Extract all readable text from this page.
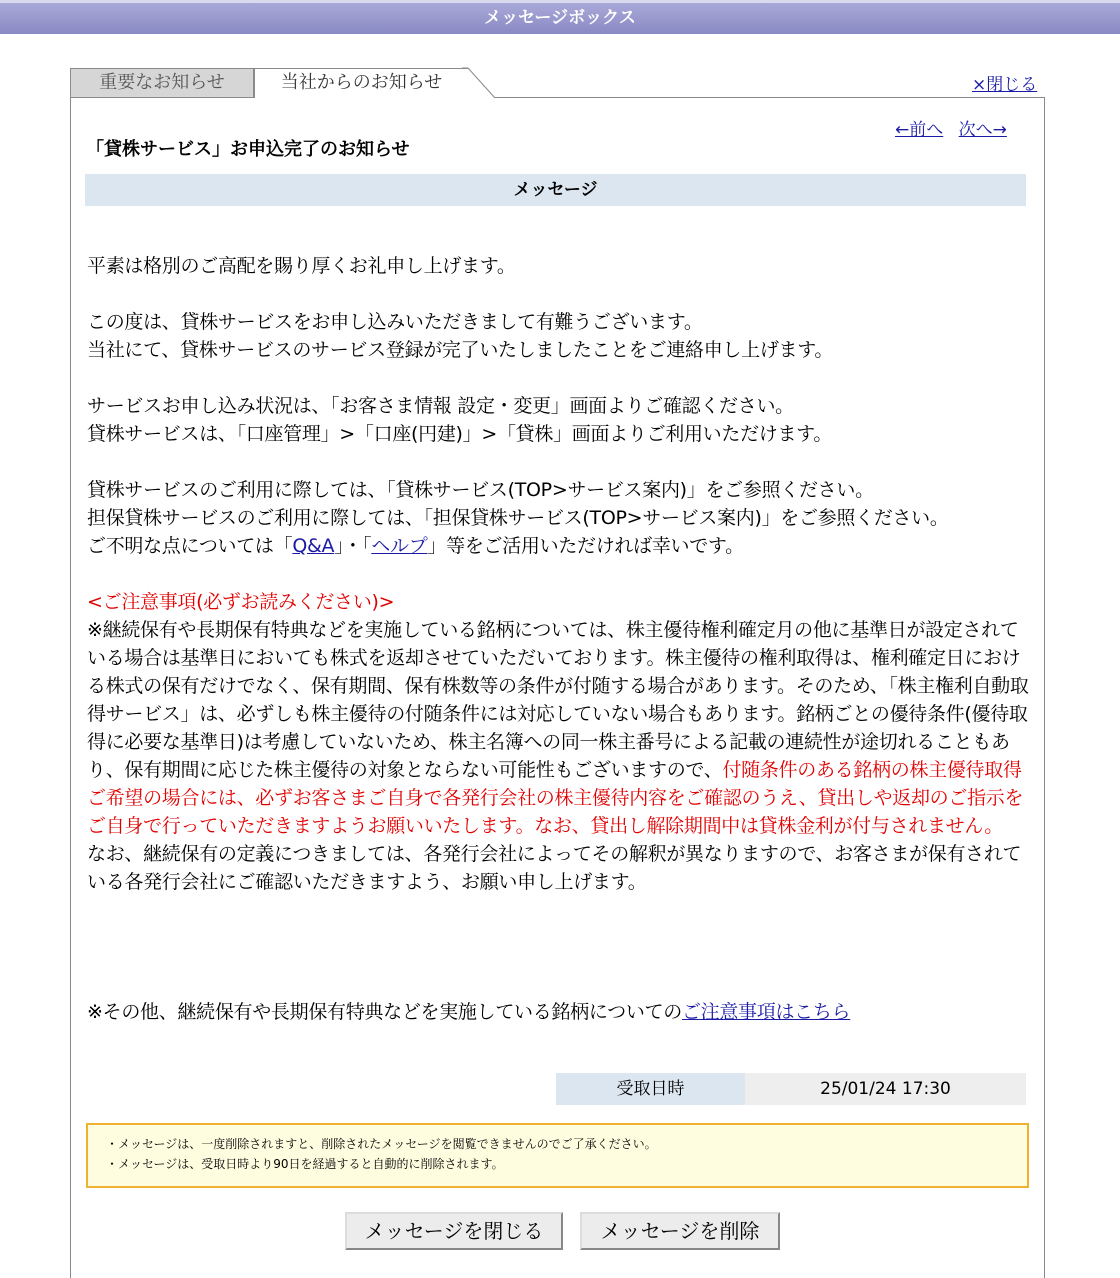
メッセージボックス
重要なお知らせ	当社からのお知らせ	×閉じる
←前へ 次へ→
「貸株サービス」お申込完了のお知らせ
メッセージ

平素は格別のご高配を賜り厚くお礼申し上げます。

この度は、貸株サービスをお申し込みいただきまして有難うございます。

当社にて、貸株サービスのサービス登録が完了いたしましたことをご連絡申し上げます。

サービスお申し込み状況は、「お客さま情報 設定・変更」画面よりご確認ください。

貸株サービスは、「口座管理」>「口座(円建)」>「貸株」画面よりご利用いただけます。

貸株サービスのご利用に際しては、「貸株サービス(TOP>サービス案内)」をご参照ください。

担保貸株サービスのご利用に際しては、「担保貸株サービス(TOP>サービス案内)」をご参照ください。

ご不明な点については「Q&A」・「ヘルプ」等をご活用いただければ幸いです。

<ご注意事項(必ずお読みください)>

※継続保有や長期保有特典などを実施している銘柄については、株主優待権利確定月の他に基準日が設定されている場合は基準日においても株式を返却させていただいております。株主優待の権利取得は、権利確定日における株式の保有だけでなく、保有期間、保有株数等の条件が付随する場合があります。そのため、「株主権利自動取得サービス」は、必ずしも株主優待の付随条件には対応していない場合もあります。銘柄ごとの優待条件(優待取得に必要な基準日)は考慮していないため、株主名簿への同一株主番号による記載の連続性が途切れることもあり、保有期間に応じた株主優待の対象とならない可能性もございますので、付随条件のある銘柄の株主優待取得ご希望の場合には、必ずお客さまご自身で各発行会社の株主優待内容をご確認のうえ、貸出しや返却のご指示をご自身で行っていただきますようお願いいたします。なお、貸出し解除期間中は貸株金利が付与されません。

なお、継続保有の定義につきましては、各発行会社によってその解釈が異なりますので、お客さまが保有されている各発行会社にご確認いただきますよう、お願い申し上げます。

※その他、継続保有や長期保有特典などを実施している銘柄についてのご注意事項はこちら
受取日時	25/01/24 17:30
・メッセージは、一度削除されますと、削除されたメッセージを閲覧できませんのでご了承ください。
・メッセージは、受取日時より90日を経過すると自動的に削除されます。
メッセージを閉じる	メッセージを削除
